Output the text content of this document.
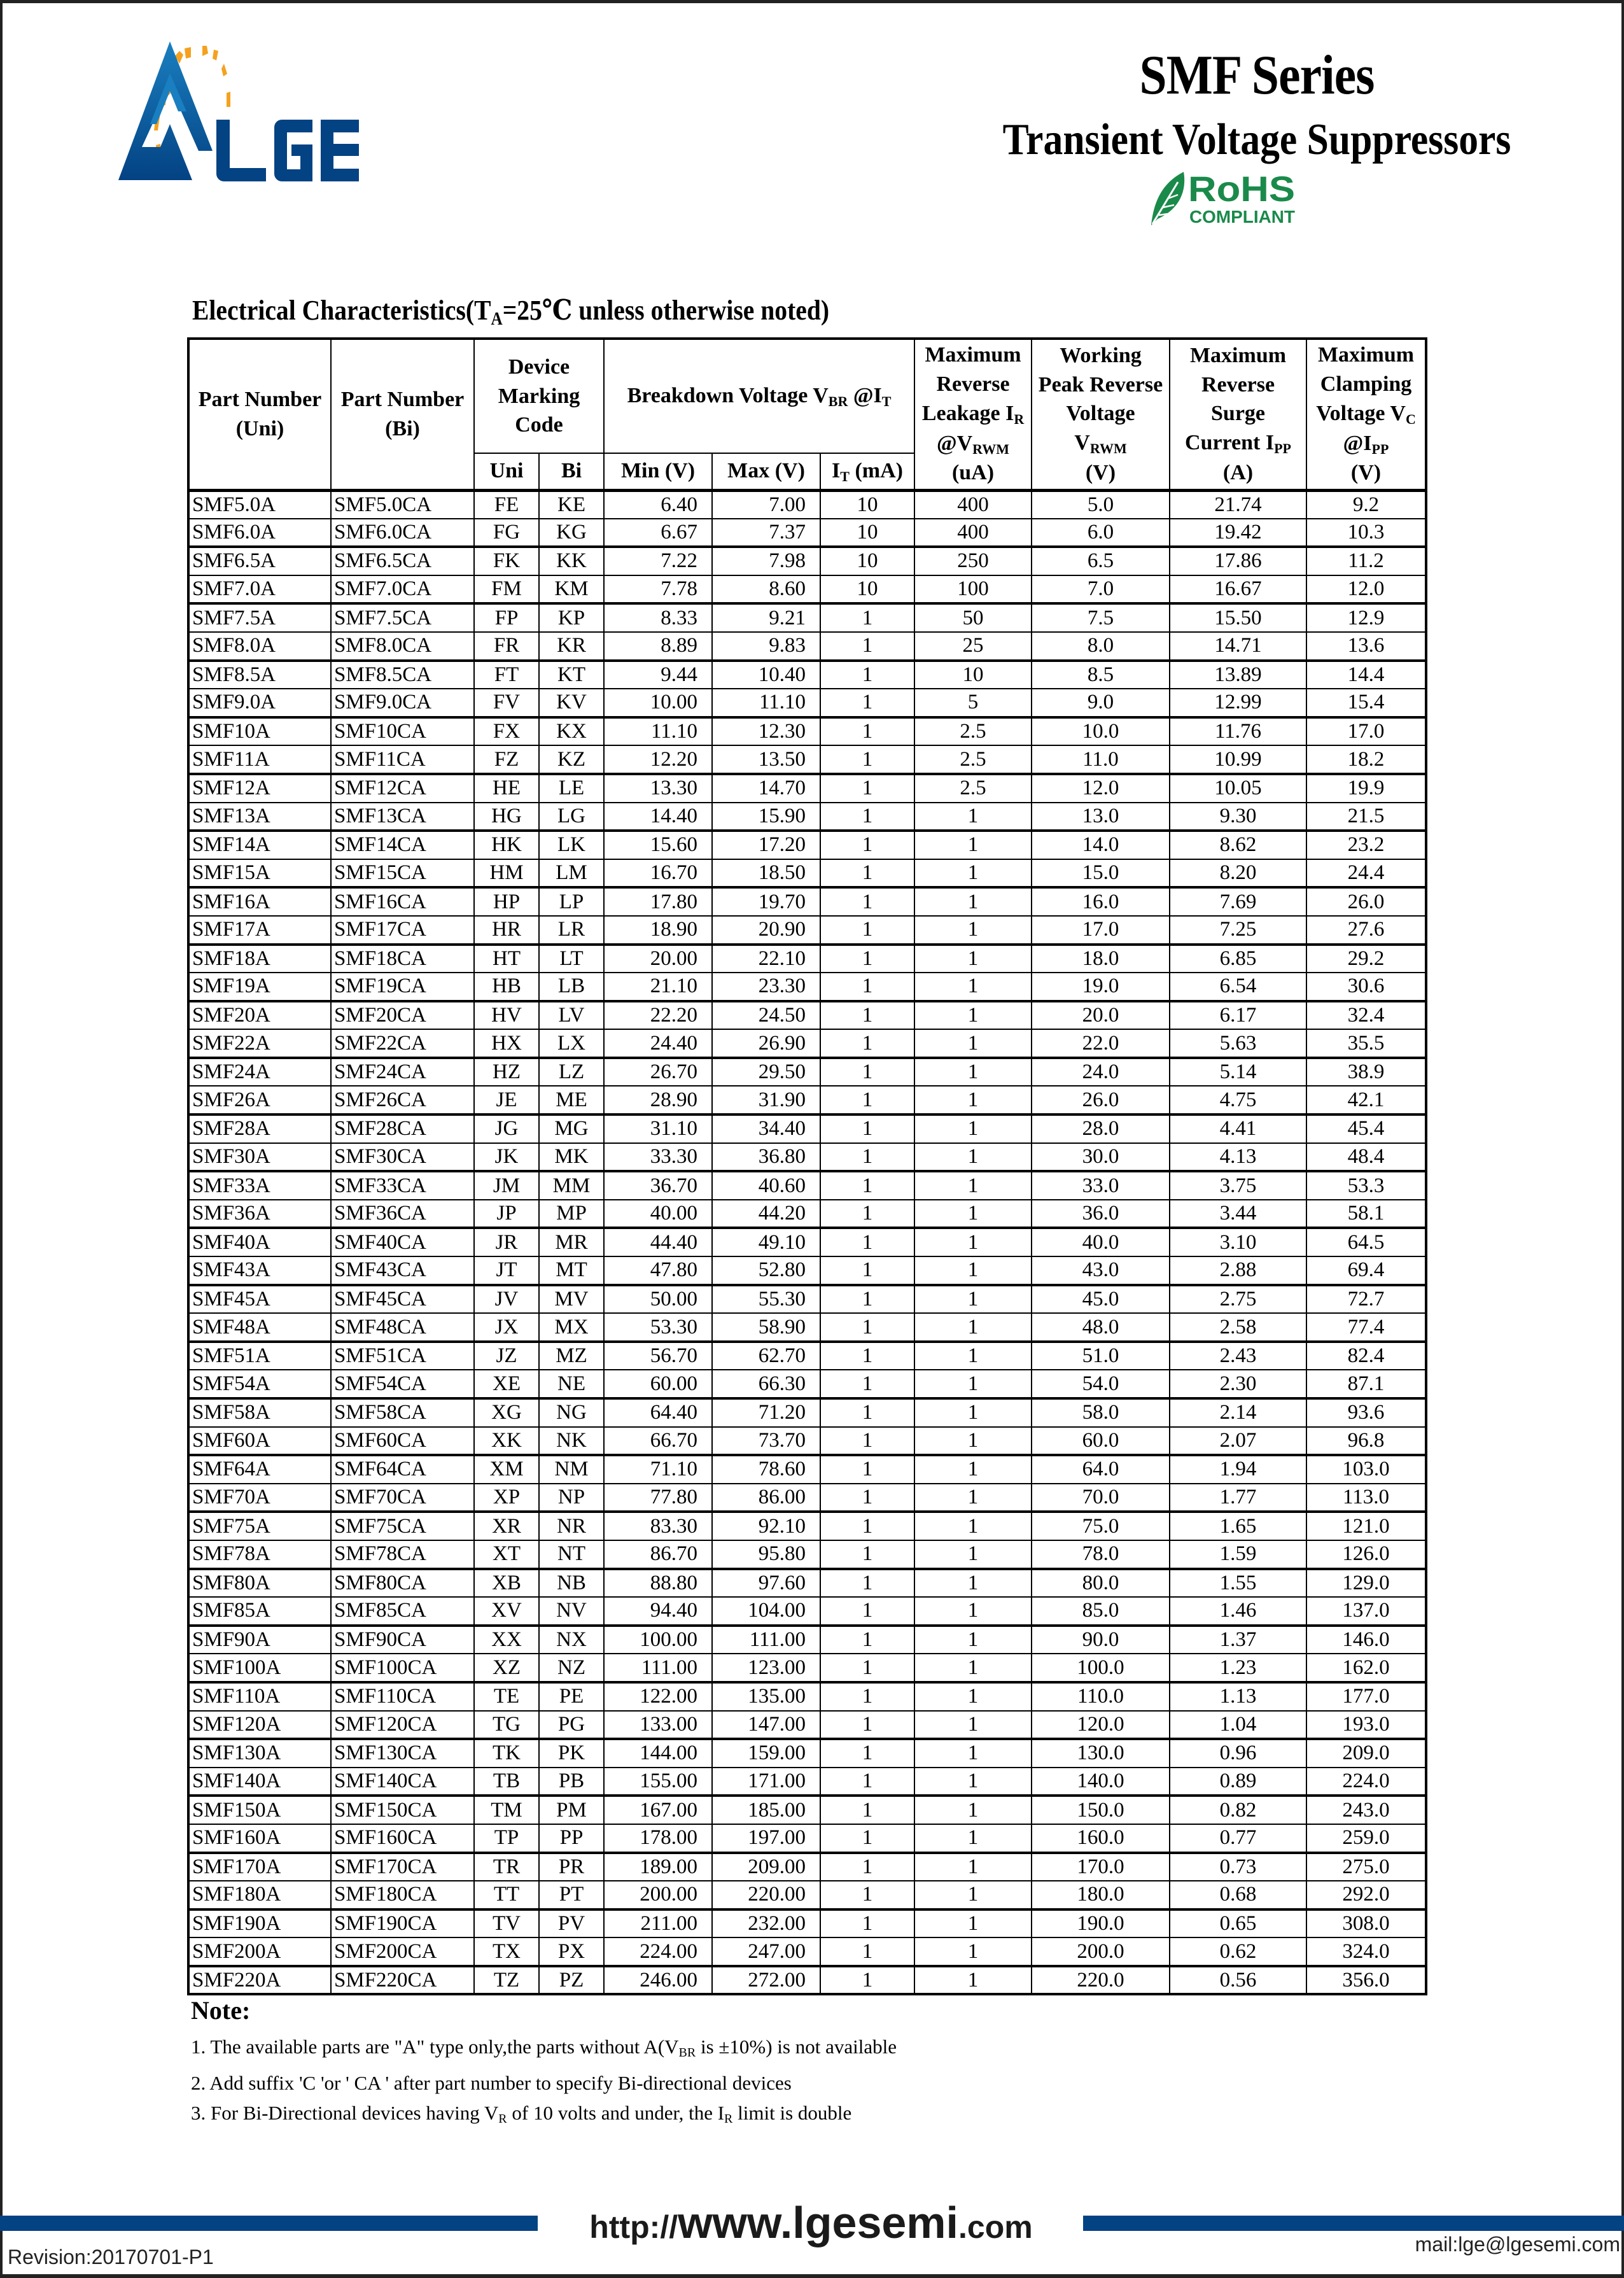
SMF Series
Transient Voltage Suppressors
RoHS
COMPLIANT
Electrical $Characteristics(T_A=25℃$ unless otherwise noted)
Part Number
(Uni)	Part Number
(Bi)	Device
Marking
Code		Breakdown Voltage $V_{BR}$ $@I_T$			Maximum
Reverse
Leakage $I_R$
$@V_{RWM}$
(uA)	Working
Peak Reverse
Voltage
$V_{RWM}$
(V)	Maximum
Reverse
Surge
Current $I_{PP}$
(A)	Maximum
Clamping
Voltage $V_C$
$@I_{PP}$
(V)
		Uni	Bi	Min (V)	Max (V)	$I_T$ (mA)				
SMF5.0A	SMF5.0CA	FE	KE	6.40	7.00	10	400	5.0	21.74	9.2
SMF6.0A	SMF6.0CA	FG	KG	6.67	7.37	10	400	6.0	19.42	10.3
SMF6.5A	SMF6.5CA	FK	KK	7.22	7.98	10	250	6.5	17.86	11.2
SMF7.0A	SMF7.0CA	FM	KM	7.78	8.60	10	100	7.0	16.67	12.0
SMF7.5A	SMF7.5CA	FP	KP	8.33	9.21	1	50	7.5	15.50	12.9
SMF8.0A	SMF8.0CA	FR	KR	8.89	9.83	1	25	8.0	14.71	13.6
SMF8.5A	SMF8.5CA	FT	KT	9.44	10.40	1	10	8.5	13.89	14.4
SMF9.0A	SMF9.0CA	FV	KV	10.00	11.10	1	5	9.0	12.99	15.4
SMF10A	SMF10CA	FX	KX	11.10	12.30	1	2.5	10.0	11.76	17.0
SMF11A	SMF11CA	FZ	KZ	12.20	13.50	1	2.5	11.0	10.99	18.2
SMF12A	SMF12CA	HE	LE	13.30	14.70	1	2.5	12.0	10.05	19.9
SMF13A	SMF13CA	HG	LG	14.40	15.90	1	1	13.0	9.30	21.5
SMF14A	SMF14CA	HK	LK	15.60	17.20	1	1	14.0	8.62	23.2
SMF15A	SMF15CA	HM	LM	16.70	18.50	1	1	15.0	8.20	24.4
SMF16A	SMF16CA	HP	LP	17.80	19.70	1	1	16.0	7.69	26.0
SMF17A	SMF17CA	HR	LR	18.90	20.90	1	1	17.0	7.25	27.6
SMF18A	SMF18CA	HT	LT	20.00	22.10	1	1	18.0	6.85	29.2
SMF19A	SMF19CA	HB	LB	21.10	23.30	1	1	19.0	6.54	30.6
SMF20A	SMF20CA	HV	LV	22.20	24.50	1	1	20.0	6.17	32.4
SMF22A	SMF22CA	HX	LX	24.40	26.90	1	1	22.0	5.63	35.5
SMF24A	SMF24CA	HZ	LZ	26.70	29.50	1	1	24.0	5.14	38.9
SMF26A	SMF26CA	JE	ME	28.90	31.90	1	1	26.0	4.75	42.1
SMF28A	SMF28CA	JG	MG	31.10	34.40	1	1	28.0	4.41	45.4
SMF30A	SMF30CA	JK	MK	33.30	36.80	1	1	30.0	4.13	48.4
SMF33A	SMF33CA	JM	MM	36.70	40.60	1	1	33.0	3.75	53.3
SMF36A	SMF36CA	JP	MP	40.00	44.20	1	1	36.0	3.44	58.1
SMF40A	SMF40CA	JR	MR	44.40	49.10	1	1	40.0	3.10	64.5
SMF43A	SMF43CA	JT	MT	47.80	52.80	1	1	43.0	2.88	69.4
SMF45A	SMF45CA	JV	MV	50.00	55.30	1	1	45.0	2.75	72.7
SMF48A	SMF48CA	JX	MX	53.30	58.90	1	1	48.0	2.58	77.4
SMF51A	SMF51CA	JZ	MZ	56.70	62.70	1	1	51.0	2.43	82.4
SMF54A	SMF54CA	XE	NE	60.00	66.30	1	1	54.0	2.30	87.1
SMF58A	SMF58CA	XG	NG	64.40	71.20	1	1	58.0	2.14	93.6
SMF60A	SMF60CA	XK	NK	66.70	73.70	1	1	60.0	2.07	96.8
SMF64A	SMF64CA	XM	NM	71.10	78.60	1	1	64.0	1.94	103.0
SMF70A	SMF70CA	XP	NP	77.80	86.00	1	1	70.0	1.77	113.0
SMF75A	SMF75CA	XR	NR	83.30	92.10	1	1	75.0	1.65	121.0
SMF78A	SMF78CA	XT	NT	86.70	95.80	1	1	78.0	1.59	126.0
SMF80A	SMF80CA	XB	NB	88.80	97.60	1	1	80.0	1.55	129.0
SMF85A	SMF85CA	XV	NV	94.40	104.00	1	1	85.0	1.46	137.0
SMF90A	SMF90CA	XX	NX	100.00	111.00	1	1	90.0	1.37	146.0
SMF100A	SMF100CA	XZ	NZ	111.00	123.00	1	1	100.0	1.23	162.0
SMF110A	SMF110CA	TE	PE	122.00	135.00	1	1	110.0	1.13	177.0
SMF120A	SMF120CA	TG	PG	133.00	147.00	1	1	120.0	1.04	193.0
SMF130A	SMF130CA	TK	PK	144.00	159.00	1	1	130.0	0.96	209.0
SMF140A	SMF140CA	TB	PB	155.00	171.00	1	1	140.0	0.89	224.0
SMF150A	SMF150CA	TM	PM	167.00	185.00	1	1	150.0	0.82	243.0
SMF160A	SMF160CA	TP	PP	178.00	197.00	1	1	160.0	0.77	259.0
SMF170A	SMF170CA	TR	PR	189.00	209.00	1	1	170.0	0.73	275.0
SMF180A	SMF180CA	TT	PT	200.00	220.00	1	1	180.0	0.68	292.0
SMF190A	SMF190CA	TV	PV	211.00	232.00	1	1	190.0	0.65	308.0
SMF200A	SMF200CA	TX	PX	224.00	247.00	1	1	200.0	0.62	324.0
SMF220A	SMF220CA	TZ	PZ	246.00	272.00	1	1	220.0	0.56	356.0
Note:
1. The available parts are "A" type only,the parts without $A(V_{BR}$ is ±10%) is not available
2. Add suffix 'C 'or ' CA ' after part number to specify Bi-directional devices
3. For Bi-Directional devices having $V_R$ of 10 volts and under, the $I_R$ limit is double
http://www.lgesemi.com
Revision:20170701-P1
mail:lge@lgesemi.com
